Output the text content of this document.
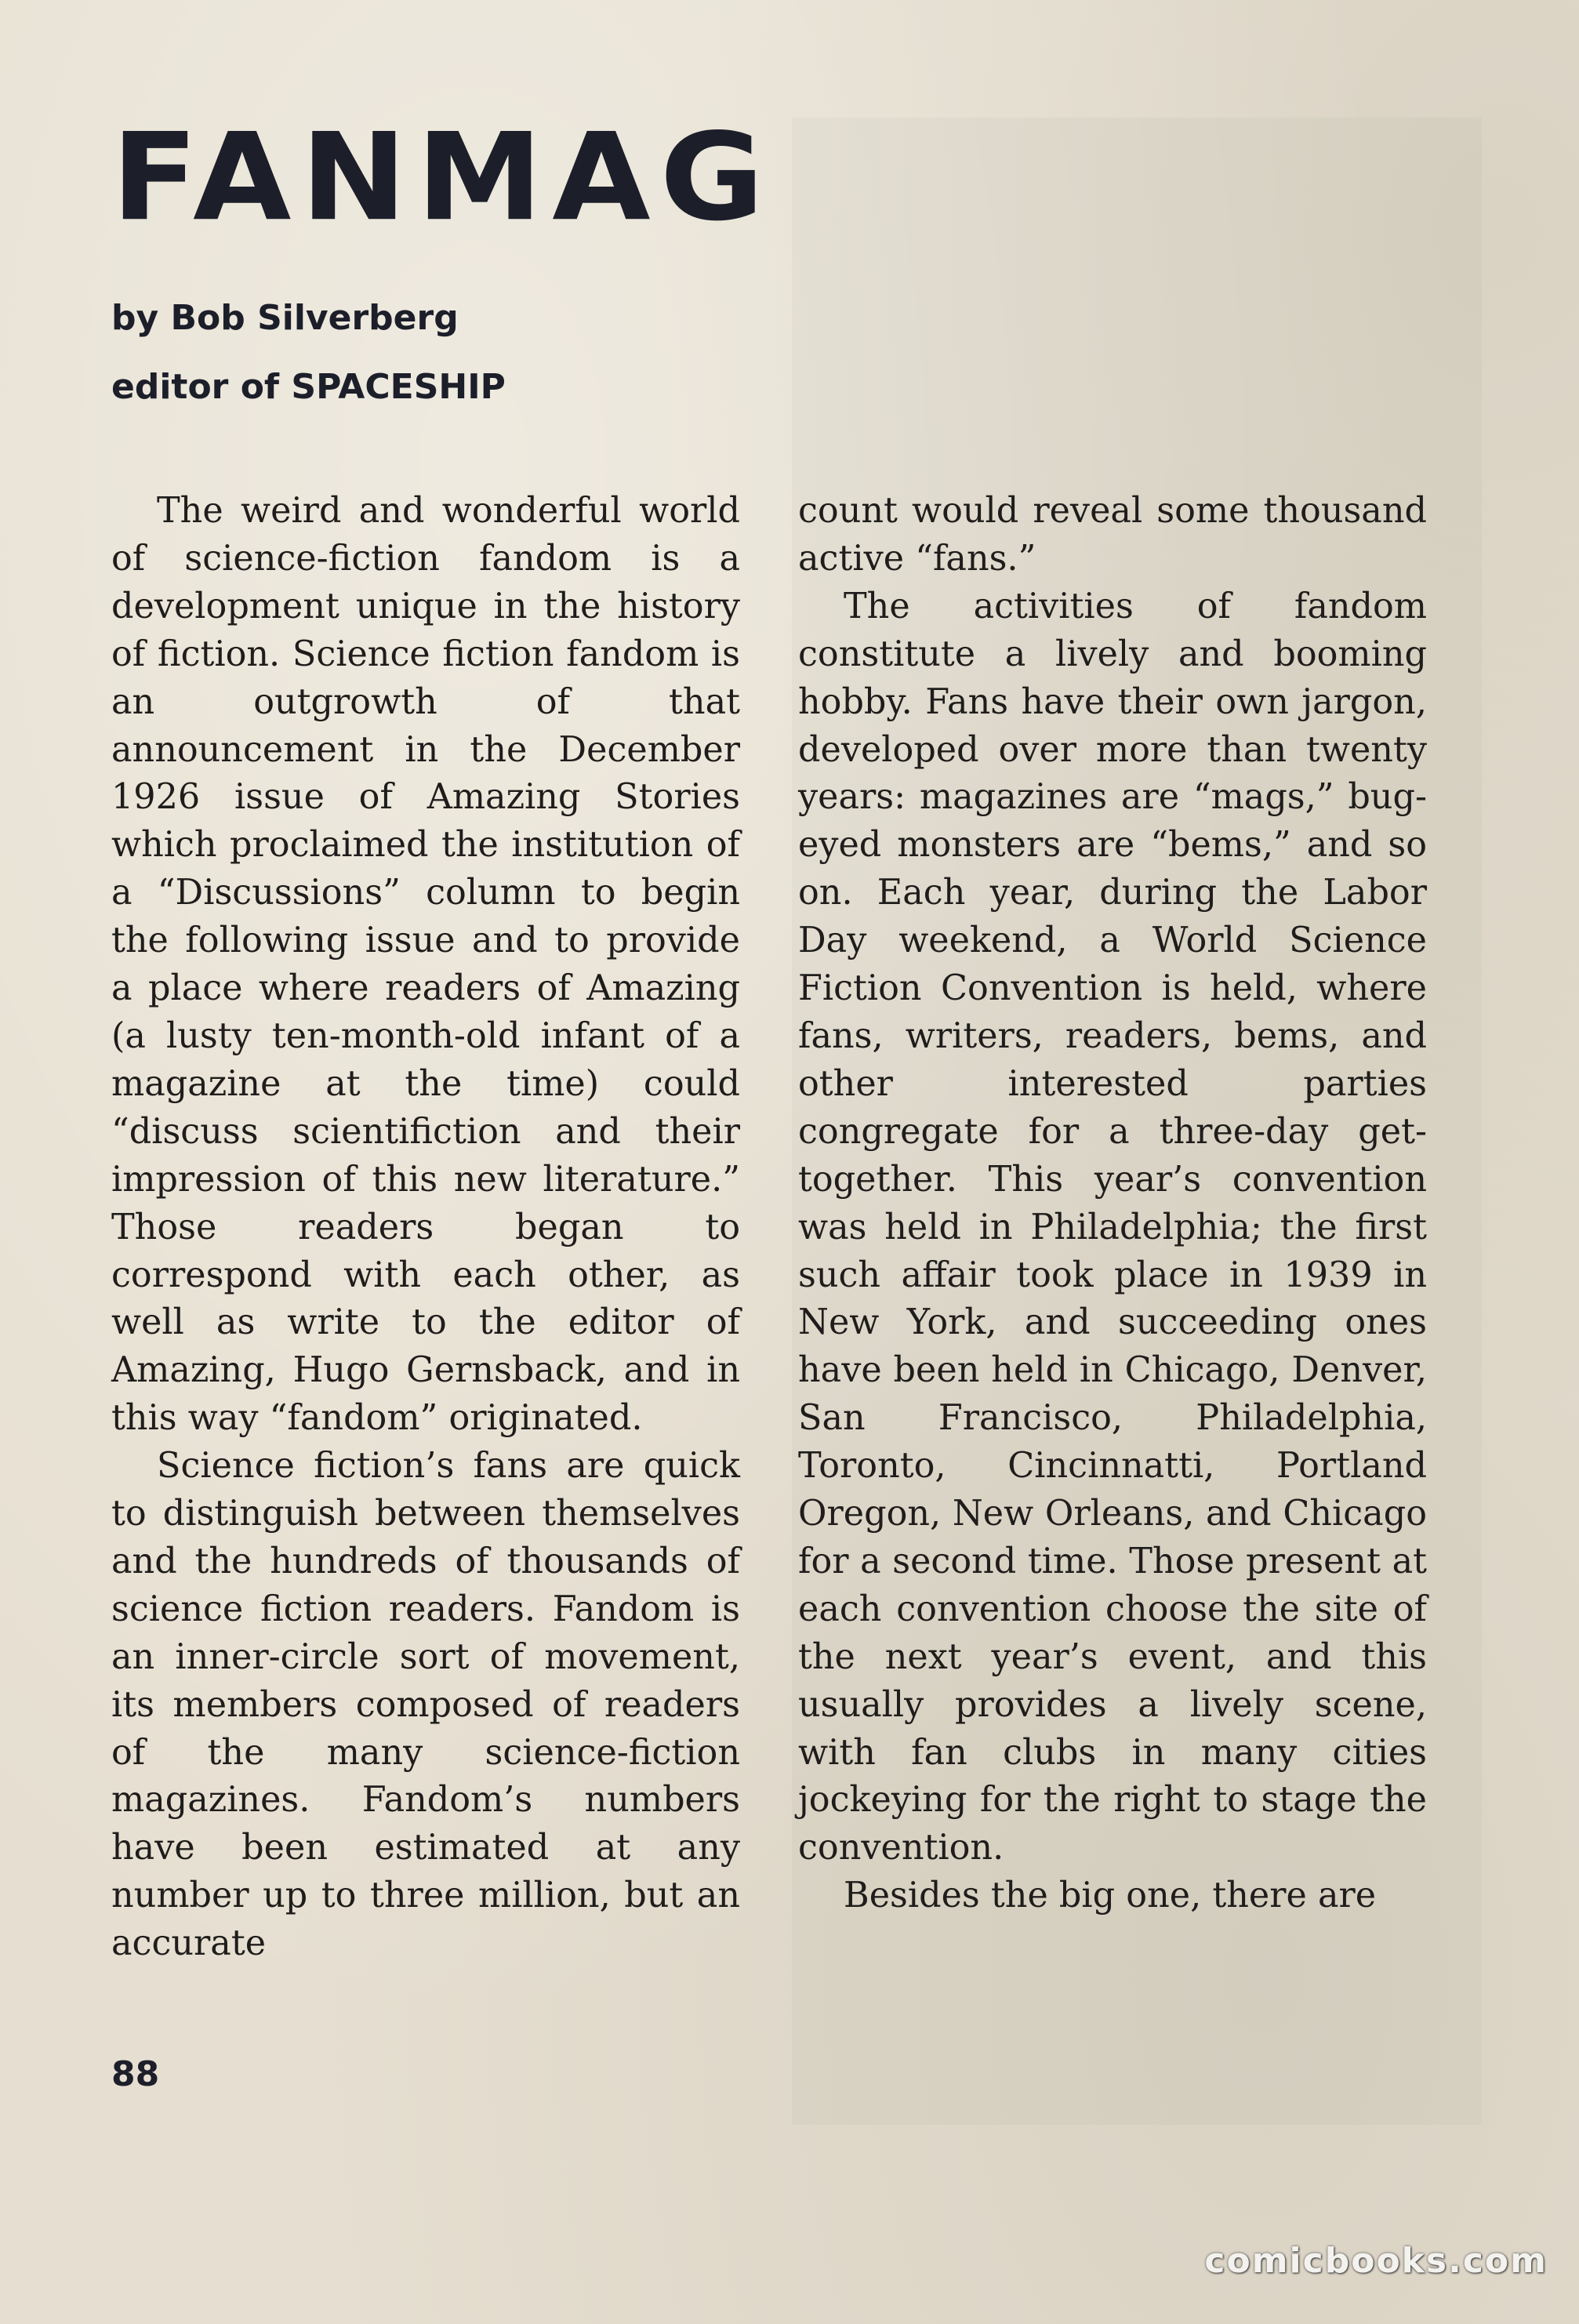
FANMAG
by Bob Silverberg
editor of SPACESHIP

The weird and wonderful world of science-fiction fandom is a development unique in the history of fiction. Science fiction fandom is an outgrowth of that announcement in the December 1926 issue of Amazing Stories which proclaimed the institution of a “Discussions” column to begin the following issue and to provide a place where readers of Amazing (a lusty ten-month-old infant of a magazine at the time) could “discuss scientifiction and their impression of this new literature.” Those readers began to correspond with each other, as well as write to the editor of Amazing, Hugo Gernsback, and in this way “fandom” originated.

Science fiction’s fans are quick to distinguish between themselves and the hundreds of thousands of science fiction readers. Fandom is an inner-circle sort of movement, its members composed of readers of the many science-fiction magazines. Fandom’s numbers have been estimated at any number up to three million, but an accurate

count would reveal some thousand active “fans.”

The activities of fandom constitute a lively and booming hobby. Fans have their own jargon, developed over more than twenty years: magazines are “mags,” bug-eyed monsters are “bems,” and so on. Each year, during the Labor Day weekend, a World Science Fiction Convention is held, where fans, writers, readers, bems, and other interested parties congregate for a three-day get-together. This year’s convention was held in Philadelphia; the first such affair took place in 1939 in New York, and succeeding ones have been held in Chicago, Denver, San Francisco, Philadelphia, Toronto, Cincinnatti, Portland Oregon, New Orleans, and Chicago for a second time. Those present at each convention choose the site of the next year’s event, and this usually provides a lively scene, with fan clubs in many cities jockeying for the right to stage the convention.

Besides the big one, there are

88
comicbooks.com
